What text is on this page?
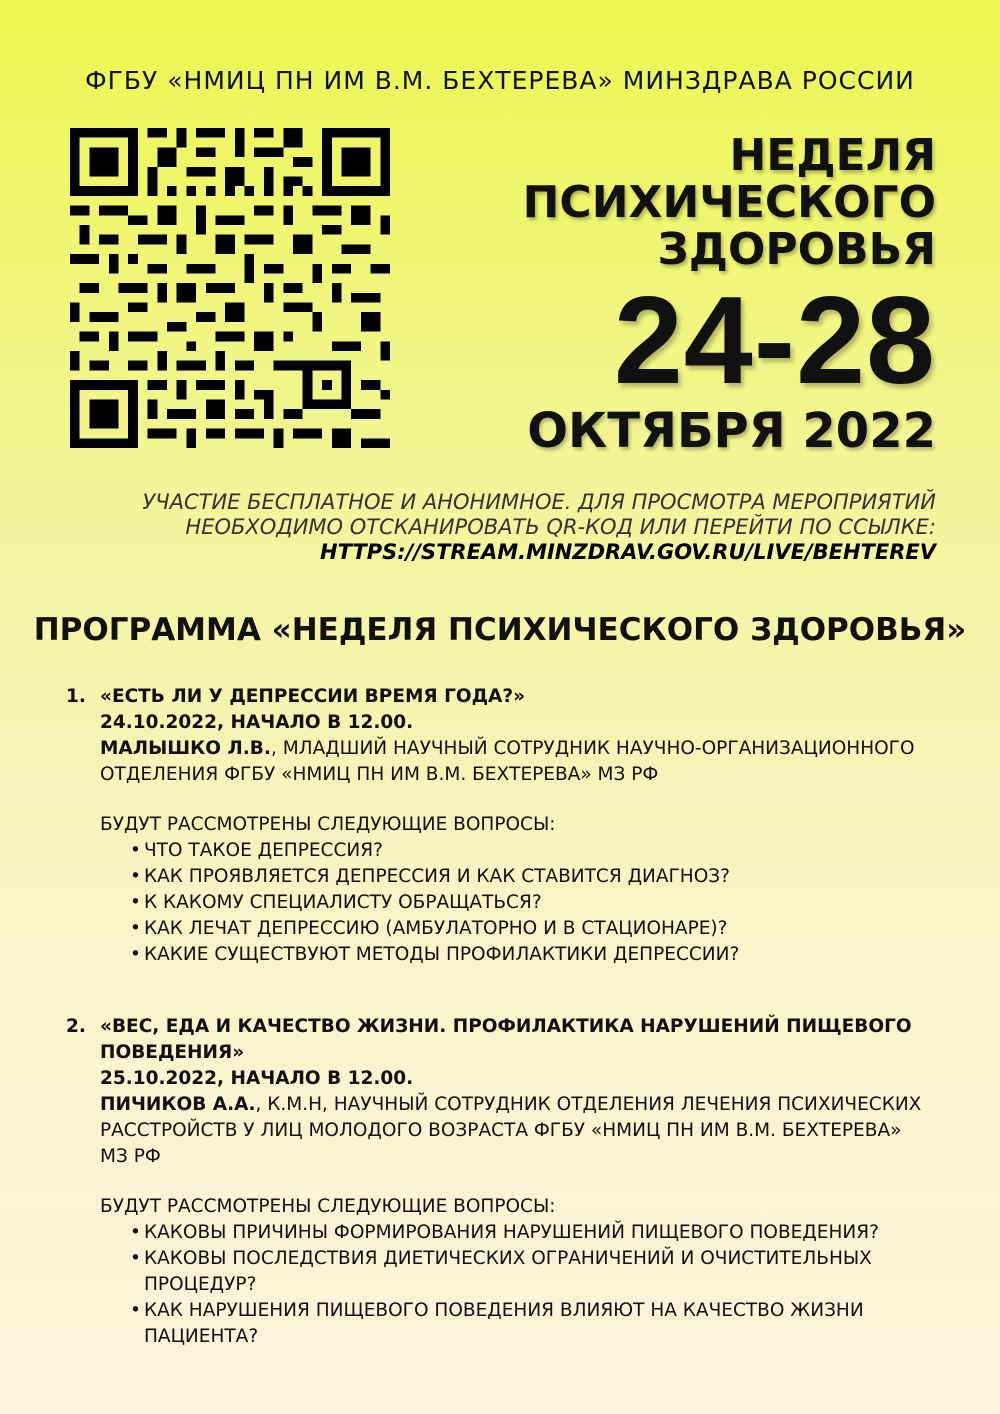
ФГБУ «НМИЦ ПН ИМ В.М. БЕХТЕРЕВА» МИНЗДРАВА РОССИИ
НЕДЕЛЯ
ПСИХИЧЕСКОГО
ЗДОРОВЬЯ
24-28
ОКТЯБРЯ 2022
УЧАСТИЕ БЕСПЛАТНОЕ И АНОНИМНОЕ. ДЛЯ ПРОСМОТРА МЕРОПРИЯТИЙ
НЕОБХОДИМО ОТСКАНИРОВАТЬ QR-КОД ИЛИ ПЕРЕЙТИ ПО ССЫЛКЕ:
HTTPS://STREAM.MINZDRAV.GOV.RU/LIVE/BEHTEREV
ПРОГРАММА «НЕДЕЛЯ ПСИХИЧЕСКОГО ЗДОРОВЬЯ»
1. «ЕСТЬ ЛИ У ДЕПРЕССИИ ВРЕМЯ ГОДА?»
24.10.2022, НАЧАЛО В 12.00.
МАЛЫШКО Л.В., МЛАДШИЙ НАУЧНЫЙ СОТРУДНИК НАУЧНО-ОРГАНИЗАЦИОННОГО
ОТДЕЛЕНИЯ ФГБУ «НМИЦ ПН ИМ В.М. БЕХТЕРЕВА» МЗ РФ
БУДУТ РАССМОТРЕНЫ СЛЕДУЮЩИЕ ВОПРОСЫ:
• ЧТО ТАКОЕ ДЕПРЕССИЯ?
• КАК ПРОЯВЛЯЕТСЯ ДЕПРЕССИЯ И КАК СТАВИТСЯ ДИАГНОЗ?
• К КАКОМУ СПЕЦИАЛИСТУ ОБРАЩАТЬСЯ?
• КАК ЛЕЧАТ ДЕПРЕССИЮ (АМБУЛАТОРНО И В СТАЦИОНАРЕ)?
• КАКИЕ СУЩЕСТВУЮТ МЕТОДЫ ПРОФИЛАКТИКИ ДЕПРЕССИИ?
2. «ВЕС, ЕДА И КАЧЕСТВО ЖИЗНИ. ПРОФИЛАКТИКА НАРУШЕНИЙ ПИЩЕВОГО
ПОВЕДЕНИЯ»
25.10.2022, НАЧАЛО В 12.00.
ПИЧИКОВ А.А., К.М.Н, НАУЧНЫЙ СОТРУДНИК ОТДЕЛЕНИЯ ЛЕЧЕНИЯ ПСИХИЧЕСКИХ
РАССТРОЙСТВ У ЛИЦ МОЛОДОГО ВОЗРАСТА ФГБУ «НМИЦ ПН ИМ В.М. БЕХТЕРЕВА»
МЗ РФ
БУДУТ РАССМОТРЕНЫ СЛЕДУЮЩИЕ ВОПРОСЫ:
• КАКОВЫ ПРИЧИНЫ ФОРМИРОВАНИЯ НАРУШЕНИЙ ПИЩЕВОГО ПОВЕДЕНИЯ?
• КАКОВЫ ПОСЛЕДСТВИЯ ДИЕТИЧЕСКИХ ОГРАНИЧЕНИЙ И ОЧИСТИТЕЛЬНЫХ ПРОЦЕДУР?
• КАК НАРУШЕНИЯ ПИЩЕВОГО ПОВЕДЕНИЯ ВЛИЯЮТ НА КАЧЕСТВО ЖИЗНИ ПАЦИЕНТА?
